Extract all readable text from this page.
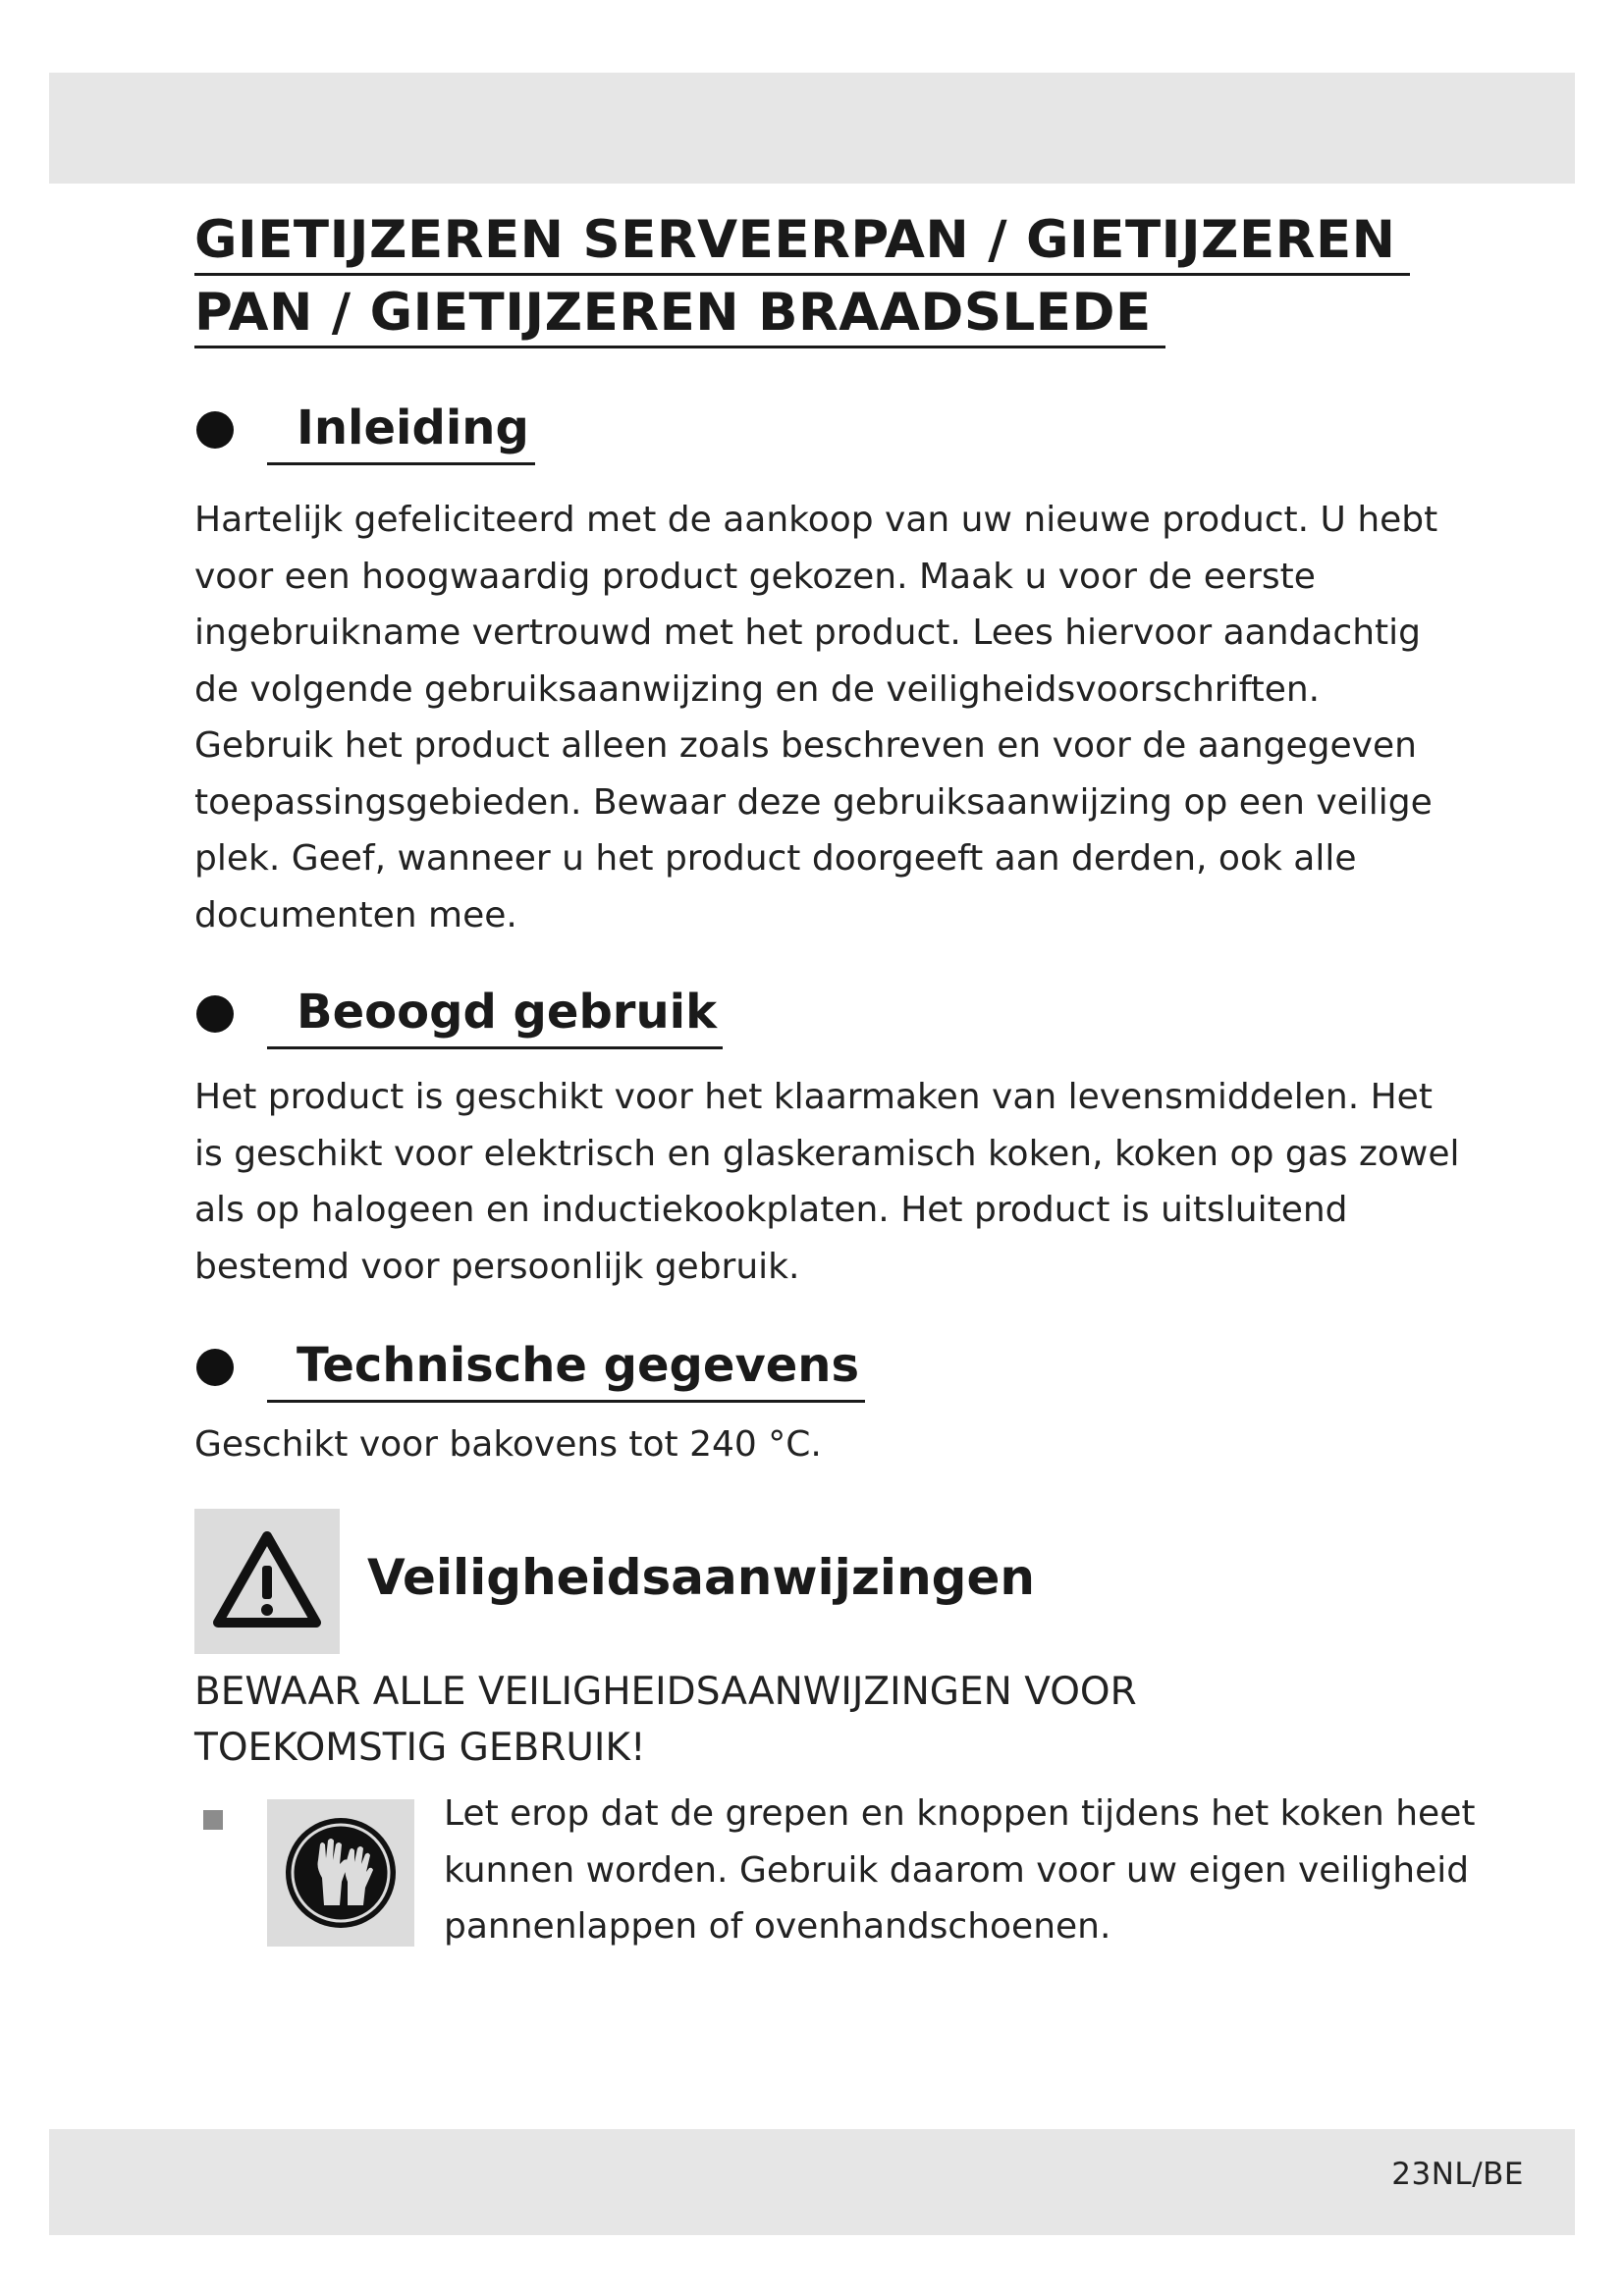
GIETIJZEREN SERVEERPAN / GIETIJZEREN
PAN / GIETIJZEREN BRAADSLEDE
Inleiding

Hartelijk gefeliciteerd met de aankoop van uw nieuwe product. U hebt voor een hoogwaardig product gekozen. Maak u voor de eerste ingebruikname vertrouwd met het product. Lees hiervoor aandachtig de volgende gebruiksaanwijzing en de veiligheidsvoorschriften. Gebruik het product alleen zoals beschreven en voor de aangegeven toepassingsgebieden. Bewaar deze gebruiksaanwijzing op een veilige plek. Geef, wanneer u het product doorgeeft aan derden, ook alle documenten mee.

Beoogd gebruik

Het product is geschikt voor het klaarmaken van levensmiddelen. Het is geschikt voor elektrisch en glaskeramisch koken, koken op gas zowel als op halogeen en inductiekookplaten. Het product is uitsluitend bestemd voor persoonlijk gebruik.

Technische gegevens

Geschikt voor bakovens tot 240 °C.

Veiligheidsaanwijzingen

BEWAAR ALLE VEILIGHEIDSAANWIJZINGEN VOOR
TOEKOMSTIG GEBRUIK!

Let erop dat de grepen en knoppen tijdens het koken heet kunnen worden. Gebruik daarom voor uw eigen veiligheid pannenlappen of ovenhandschoenen.

23NL/BE
